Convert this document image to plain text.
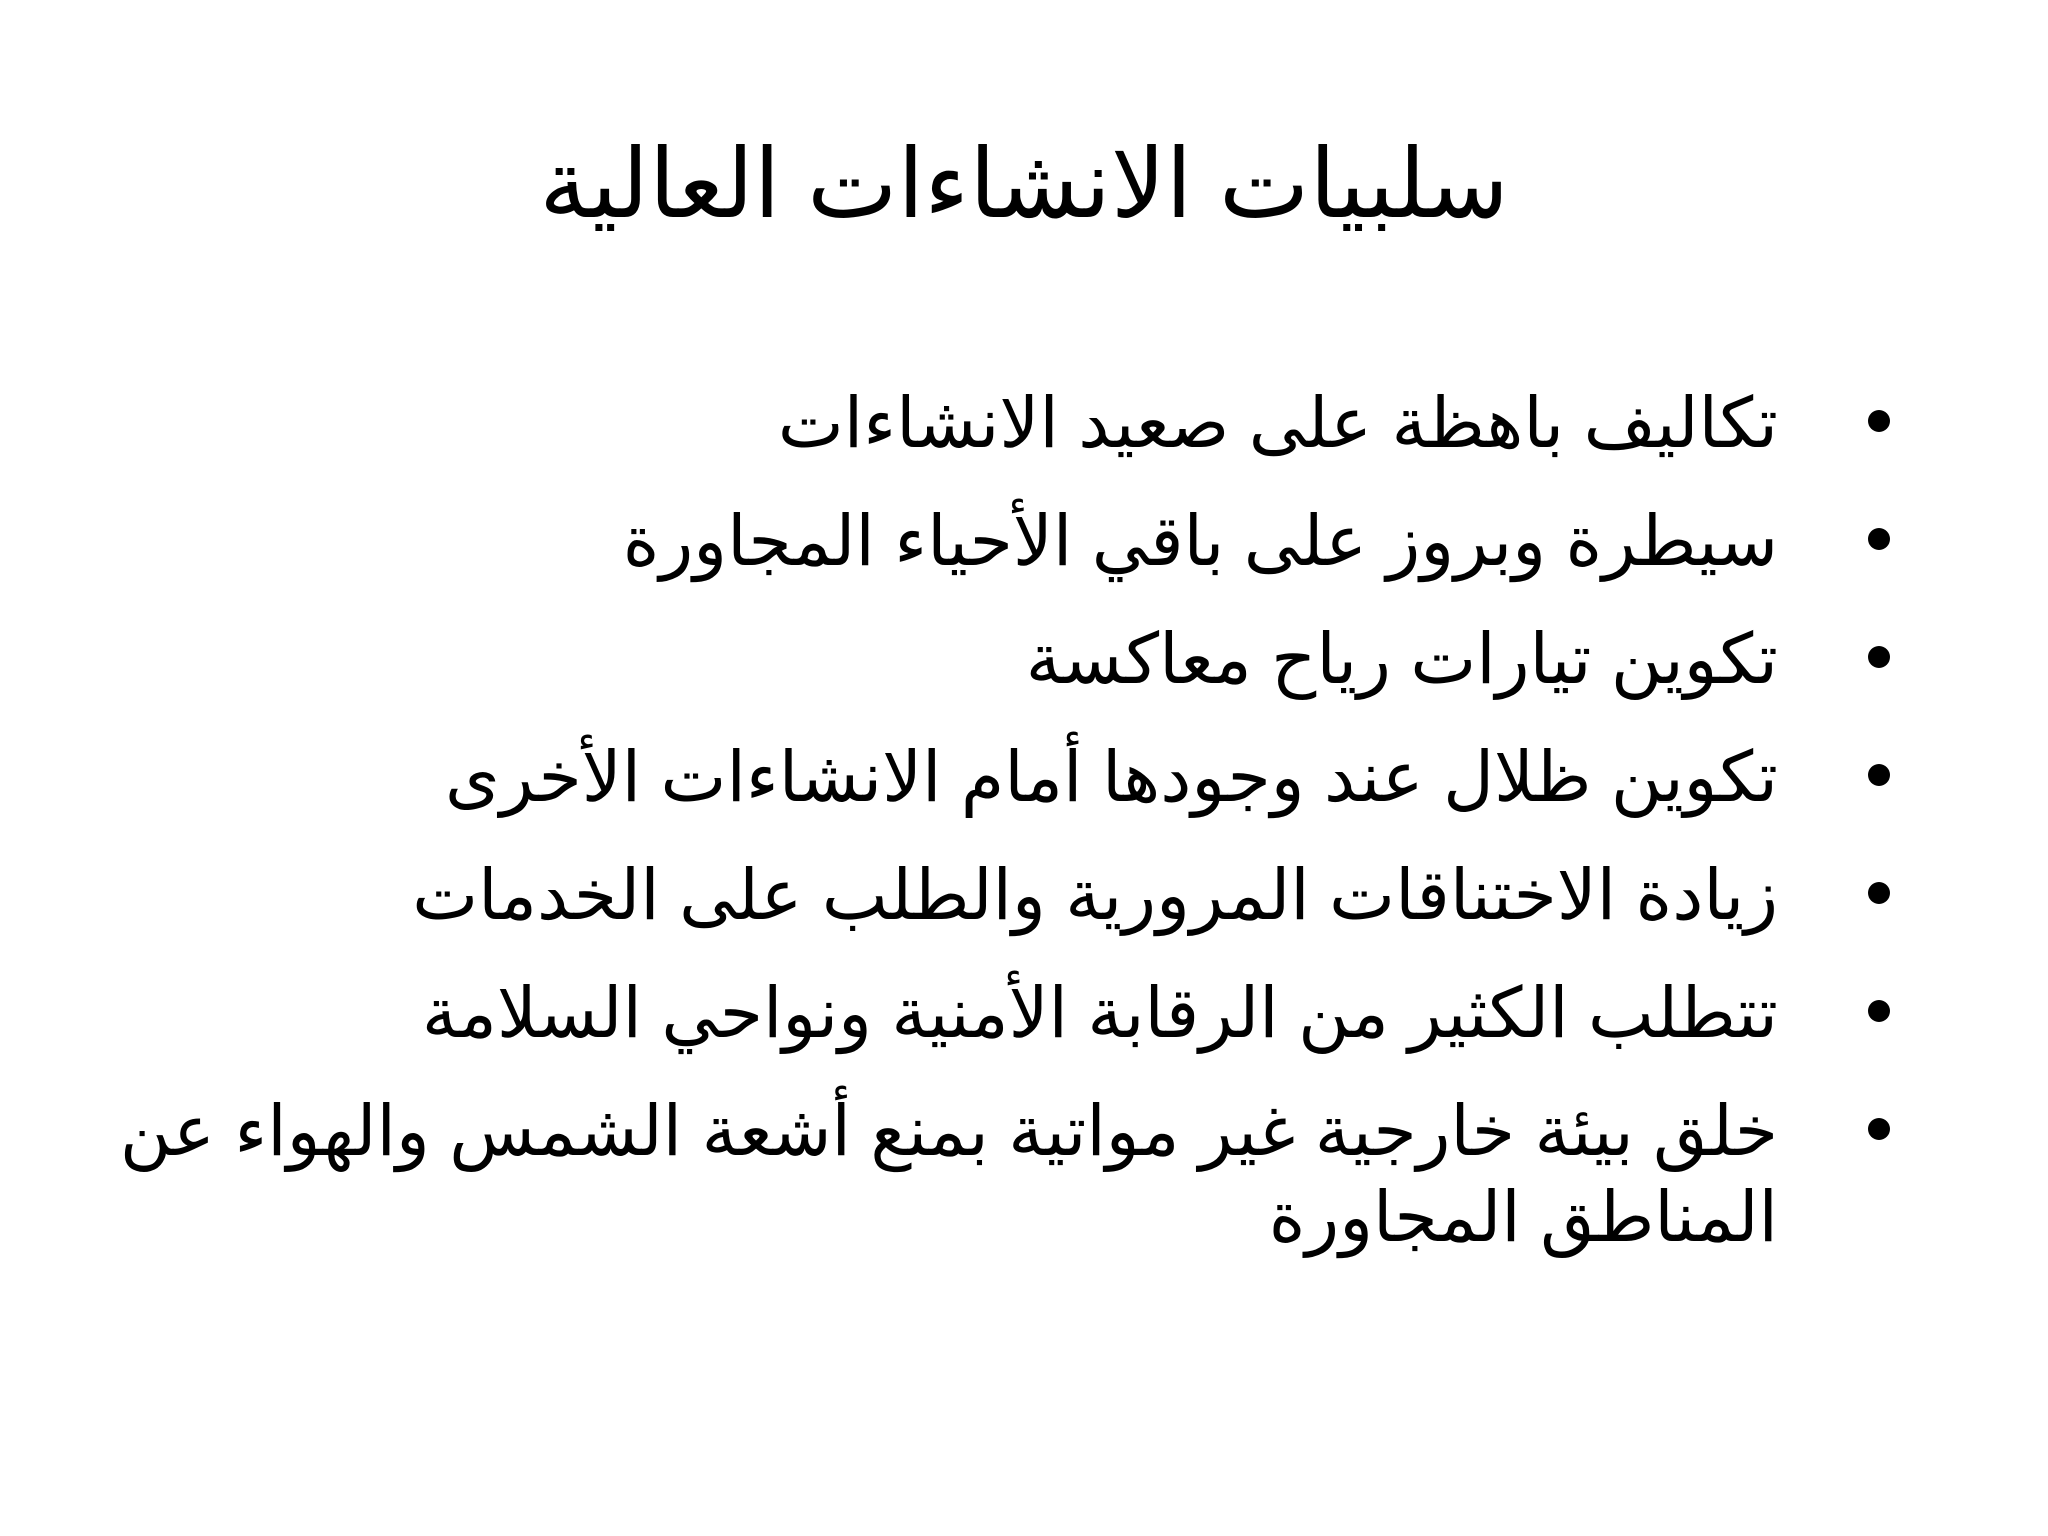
سلبيات الانشاءات العالية
تكاليف باهظة على صعيد الانشاءات
سيطرة وبروز على باقي الأحياء المجاورة
تكوين تيارات رياح معاكسة
تكوين ظلال عند وجودها أمام الانشاءات الأخرى
زيادة الاختناقات المرورية والطلب على الخدمات
تتطلب الكثير من الرقابة الأمنية ونواحي السلامة
خلق بيئة خارجية غير مواتية بمنع أشعة الشمس والهواء عن المناطق المجاورة
